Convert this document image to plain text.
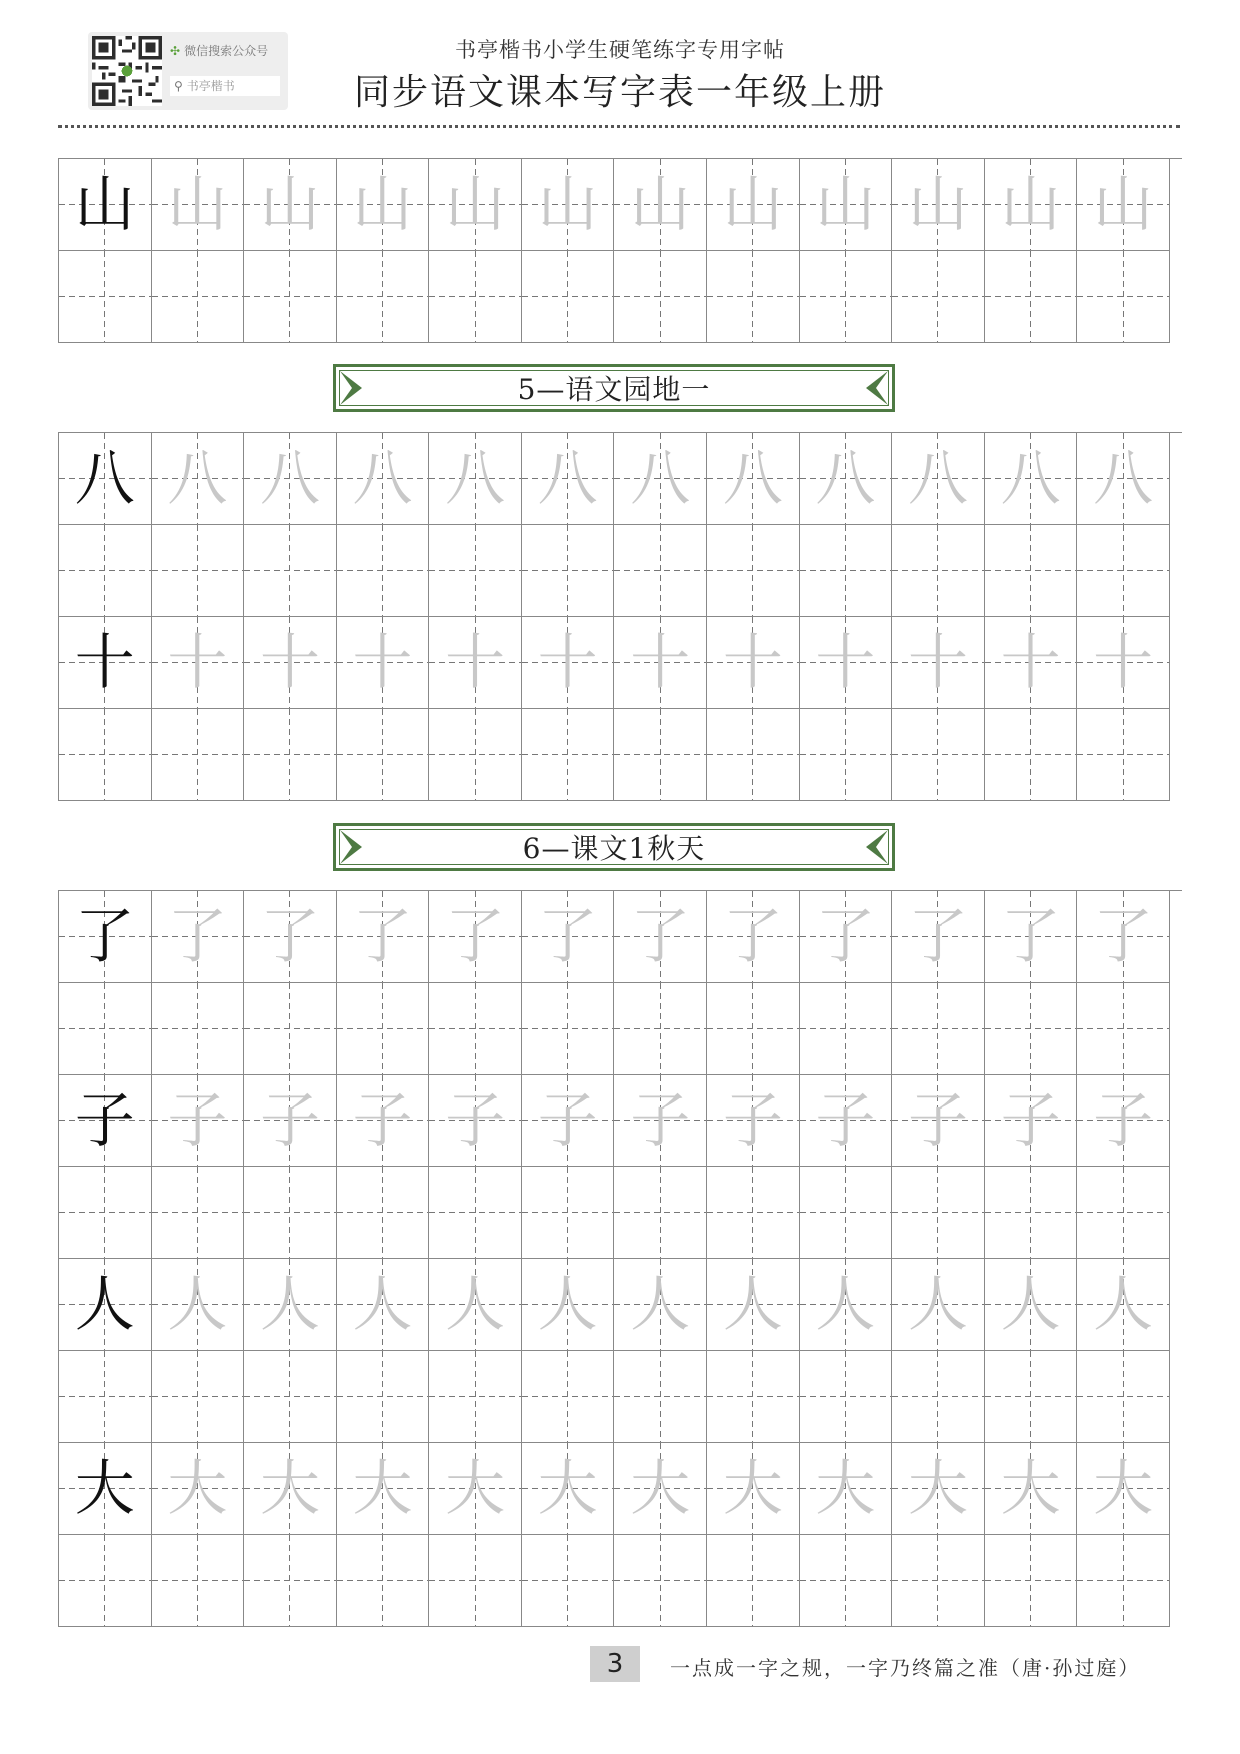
✣ 微信搜索公众号
⚲ 书亭楷书
书亭楷书小学生硬笔练字专用字帖
同步语文课本写字表一年级上册
山 山 山 山 山 山 山 山 山 山 山 山
5—语文园地一
八 八 八 八 八 八 八 八 八 八 八 八
十 十 十 十 十 十 十 十 十 十 十 十
6—课文1秋天
了 了 了 了 了 了 了 了 了 了 了 了
子 子 子 子 子 子 子 子 子 子 子 子
人 人 人 人 人 人 人 人 人 人 人 人
大 大 大 大 大 大 大 大 大 大 大 大
3	一点成一字之规，一字乃终篇之准（唐·孙过庭）
